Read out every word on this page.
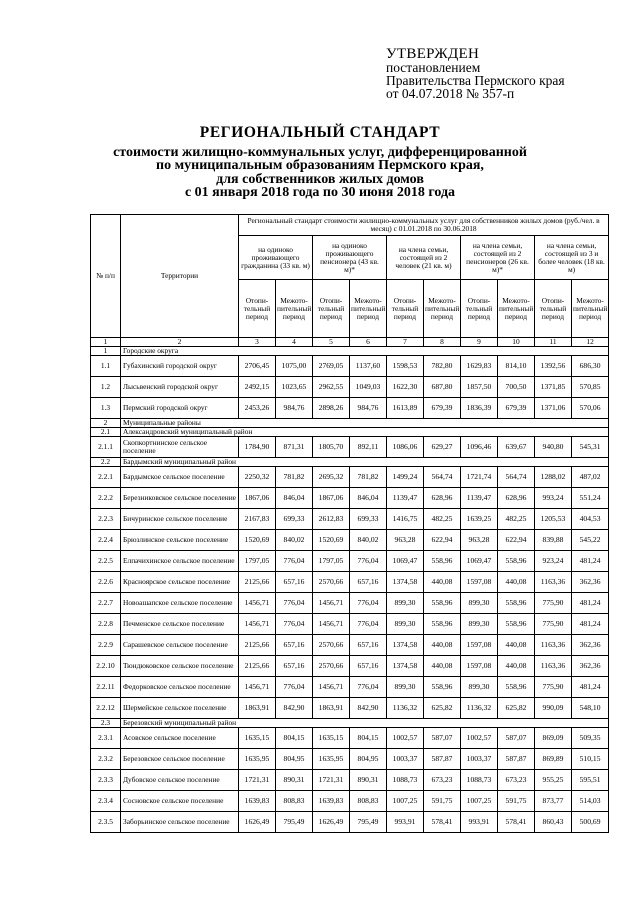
УТВЕРЖДЕН
постановлением
Правительства Пермского края
от 04.07.2018 № 357-п
РЕГИОНАЛЬНЫЙ СТАНДАРТ
стоимости жилищно-коммунальных услуг, дифференцированной
по муниципальным образованиям Пермского края,
для собственников жилых домов
с 01 января 2018 года по 30 июня 2018 года
№ п/п	Территории	Региональный стандарт стоимости жилищно-коммунальных услуг для собственников жилых домов (руб./чел. в месяц) с 01.01.2018 по 30.06.2018									
		на одиноко проживающего гражданина (33 кв. м)		на одиноко проживающего пенсионера (43 кв. м)*		на члена семьи, состоящей из 2 человек (21 кв. м)		на члена семьи, состоящей из 2 пенсионеров (26 кв. м)*		на члена семьи, состоящей из 3 и более человек (18 кв. м)	
		Отопи-тельный период	Межото-пительный период	Отопи-тельный период	Межото-пительный период	Отопи-тельный период	Межото-пительный период	Отопи-тельный период	Межото-пительный период	Отопи-тельный период	Межото-пительный период
1	2	3	4	5	6	7	8	9	10	11	12
1	Городские округа										
1.1	Губахинский городской округ	2706,45	1075,00	2769,05	1137,60	1598,53	782,80	1629,83	814,10	1392,56	686,30
1.2	Лысьвенский городской округ	2492,15	1023,65	2962,55	1049,03	1622,30	687,80	1857,50	700,50	1371,85	570,85
1.3	Пермский городской округ	2453,26	984,76	2898,26	984,76	1613,89	679,39	1836,39	679,39	1371,06	570,06
2	Муниципальные районы										
2.1	Александровский муниципальный район										
2.1.1	Скопкортнинское сельское поселение	1784,90	871,31	1805,70	892,11	1086,06	629,27	1096,46	639,67	940,80	545,31
2.2	Бардымский муниципальный район										
2.2.1	Бардымское сельское поселение	2250,32	781,82	2695,32	781,82	1499,24	564,74	1721,74	564,74	1288,02	487,02
2.2.2	Березниковское сельское поселение	1867,06	846,04	1867,06	846,04	1139,47	628,96	1139,47	628,96	993,24	551,24
2.2.3	Бичуринское сельское поселение	2167,83	699,33	2612,83	699,33	1416,75	482,25	1639,25	482,25	1205,53	404,53
2.2.4	Брюзлинское сельское поселение	1520,69	840,02	1520,69	840,02	963,28	622,94	963,28	622,94	839,88	545,22
2.2.5	Елпачихинское сельское поселение	1797,05	776,04	1797,05	776,04	1069,47	558,96	1069,47	558,96	923,24	481,24
2.2.6	Красноярское сельское поселение	2125,66	657,16	2570,66	657,16	1374,58	440,08	1597,08	440,08	1163,36	362,36
2.2.7	Новоашапское сельское поселение	1456,71	776,04	1456,71	776,04	899,30	558,96	899,30	558,96	775,90	481,24
2.2.8	Печменское сельское поселение	1456,71	776,04	1456,71	776,04	899,30	558,96	899,30	558,96	775,90	481,24
2.2.9	Сарашевское сельское поселение	2125,66	657,16	2570,66	657,16	1374,58	440,08	1597,08	440,08	1163,36	362,36
2.2.10	Тюндюковское сельское поселение	2125,66	657,16	2570,66	657,16	1374,58	440,08	1597,08	440,08	1163,36	362,36
2.2.11	Федорковское сельское поселение	1456,71	776,04	1456,71	776,04	899,30	558,96	899,30	558,96	775,90	481,24
2.2.12	Шермейское сельское поселение	1863,91	842,90	1863,91	842,90	1136,32	625,82	1136,32	625,82	990,09	548,10
2.3	Березовский муниципальный район										
2.3.1	Асовское сельское поселение	1635,15	804,15	1635,15	804,15	1002,57	587,07	1002,57	587,07	869,09	509,35
2.3.2	Березовское сельское поселение	1635,95	804,95	1635,95	804,95	1003,37	587,87	1003,37	587,87	869,89	510,15
2.3.3	Дубовское сельское поселение	1721,31	890,31	1721,31	890,31	1088,73	673,23	1088,73	673,23	955,25	595,51
2.3.4	Сосновское сельское поселение	1639,83	808,83	1639,83	808,83	1007,25	591,75	1007,25	591,75	873,77	514,03
2.3.5	Заборьинское сельское поселение	1626,49	795,49	1626,49	795,49	993,91	578,41	993,91	578,41	860,43	500,69
